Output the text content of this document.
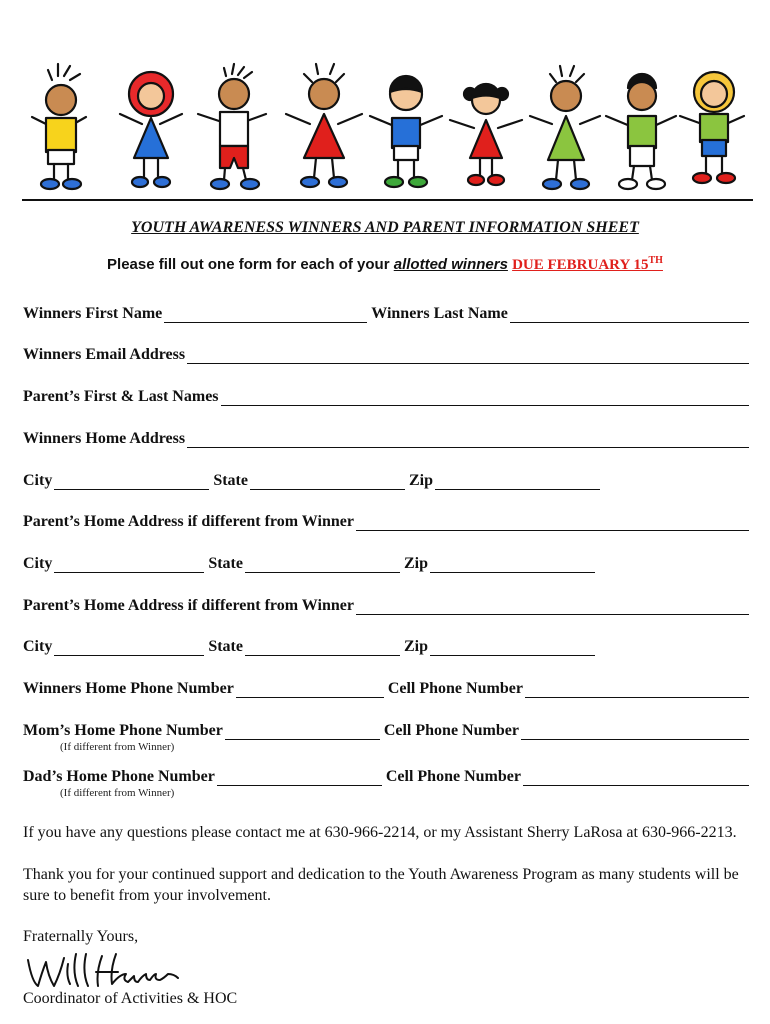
YOUTH AWARENESS WINNERS AND PARENT INFORMATION SHEET
Please fill out one form for each of your allotted winners DUE FEBRUARY 15TH
Winners First Name	Winners Last Name
Winners Email Address
Parent’s First & Last Names
Winners Home Address
City	State	Zip
Parent’s Home Address if different from Winner
City	State	Zip
Parent’s Home Address if different from Winner
City	State	Zip
Winners Home Phone Number	Cell Phone Number
Mom’s Home Phone Number	Cell Phone Number
(If different from Winner)
Dad’s Home Phone Number	Cell Phone Number
(If different from Winner)
If you have any questions please contact me at 630-966-2214, or my Assistant Sherry LaRosa at 630-966-2213.
Thank you for your continued support and dedication to the Youth Awareness Program as many students will be sure to benefit from your involvement.
Fraternally Yours,
Coordinator of Activities & HOC
